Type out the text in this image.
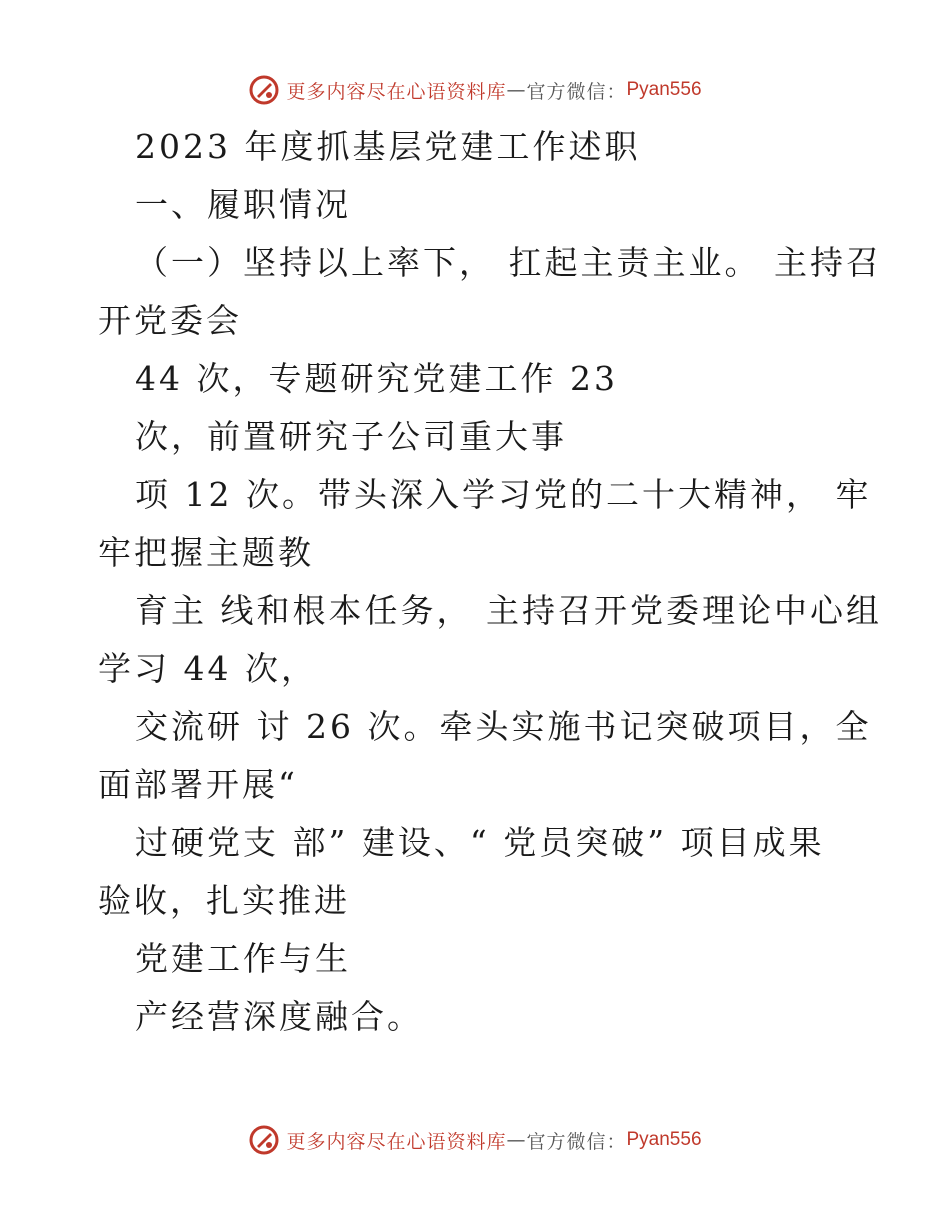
更多内容尽在心语资料库 — 官方微信： Pyan556
2023 年度抓基层党建工作述职
一、履职情况
（一）坚持以上率下， 扛起主责主业。 主持召
开党委会
44 次，专题研究党建工作 23
次，前置研究子公司重大事
项 12 次。带头深入学习党的二十大精神， 牢
牢把握主题教
育主 线和根本任务， 主持召开党委理论中心组
学习 44 次，
交流研 讨 26 次。牵头实施书记突破项目，全
面部署开展“
过硬党支 部” 建设、“ 党员突破” 项目成果
验收，扎实推进
党建工作与生
产经营深度融合。
更多内容尽在心语资料库 — 官方微信： Pyan556
